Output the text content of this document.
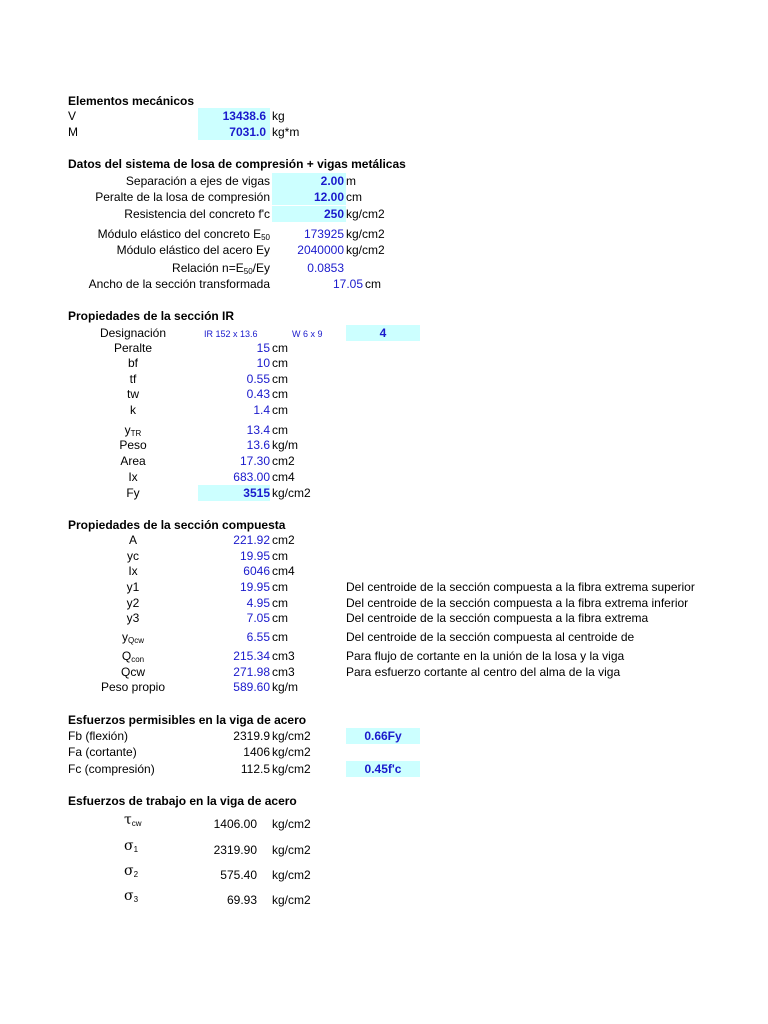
Elementos mecánicos
V	13438.6 kg
M	7031.0 kg*m
Datos del sistema de losa de compresión + vigas metálicas
Separación a ejes de vigas	2.00 m
Peralte de la losa de compresión	12.00 cm
Resistencia del concreto f'c	250 kg/cm2
Módulo elástico del concreto $E_{50}$	173925 kg/cm2
Módulo elástico del acero Ey	2040000 kg/cm2
Relación $n=E_{50}/Ey$	0.0853
Ancho de la sección transformada	17.05 cm
Propiedades de la sección IR
Designación	IR 152 x 13.6	W 6 x 9	4
Peralte	15 cm
bf	10 cm
tf	0.55 cm
tw	0.43 cm
k	1.4 cm
$y_{TR}$	13.4 cm
Peso	13.6 kg/m
Area	17.30 cm2
Ix	683.00 cm4
Fy	3515 kg/cm2
Propiedades de la sección compuesta
A	221.92 cm2
yc	19.95 cm
Ix	6046 cm4
y1	19.95 cm	Del centroide de la sección compuesta a la fibra extrema superior
y2	4.95 cm	Del centroide de la sección compuesta a la fibra extrema inferior
y3	7.05 cm	Del centroide de la sección compuesta a la fibra extrema
$y_{Qcw}$	6.55 cm	Del centroide de la sección compuesta al centroide de
$Q_{con}$	215.34 cm3	Para flujo de cortante en la unión de la losa y la viga
Qcw	271.98 cm3	Para esfuerzo cortante al centro del alma de la viga
Peso propio	589.60 kg/m
Esfuerzos permisibles en la viga de acero
Fb (flexión)	2319.9 kg/cm2	0.66Fy
Fa (cortante)	1406 kg/cm2
Fc (compresión)	112.5 kg/cm2	0.45f'c
Esfuerzos de trabajo en la viga de acero
$\tau_{cw}$	1406.00 kg/cm2
$\sigma_1$	2319.90 kg/cm2
$\sigma_2$	575.40 kg/cm2
$\sigma_3$	69.93 kg/cm2
